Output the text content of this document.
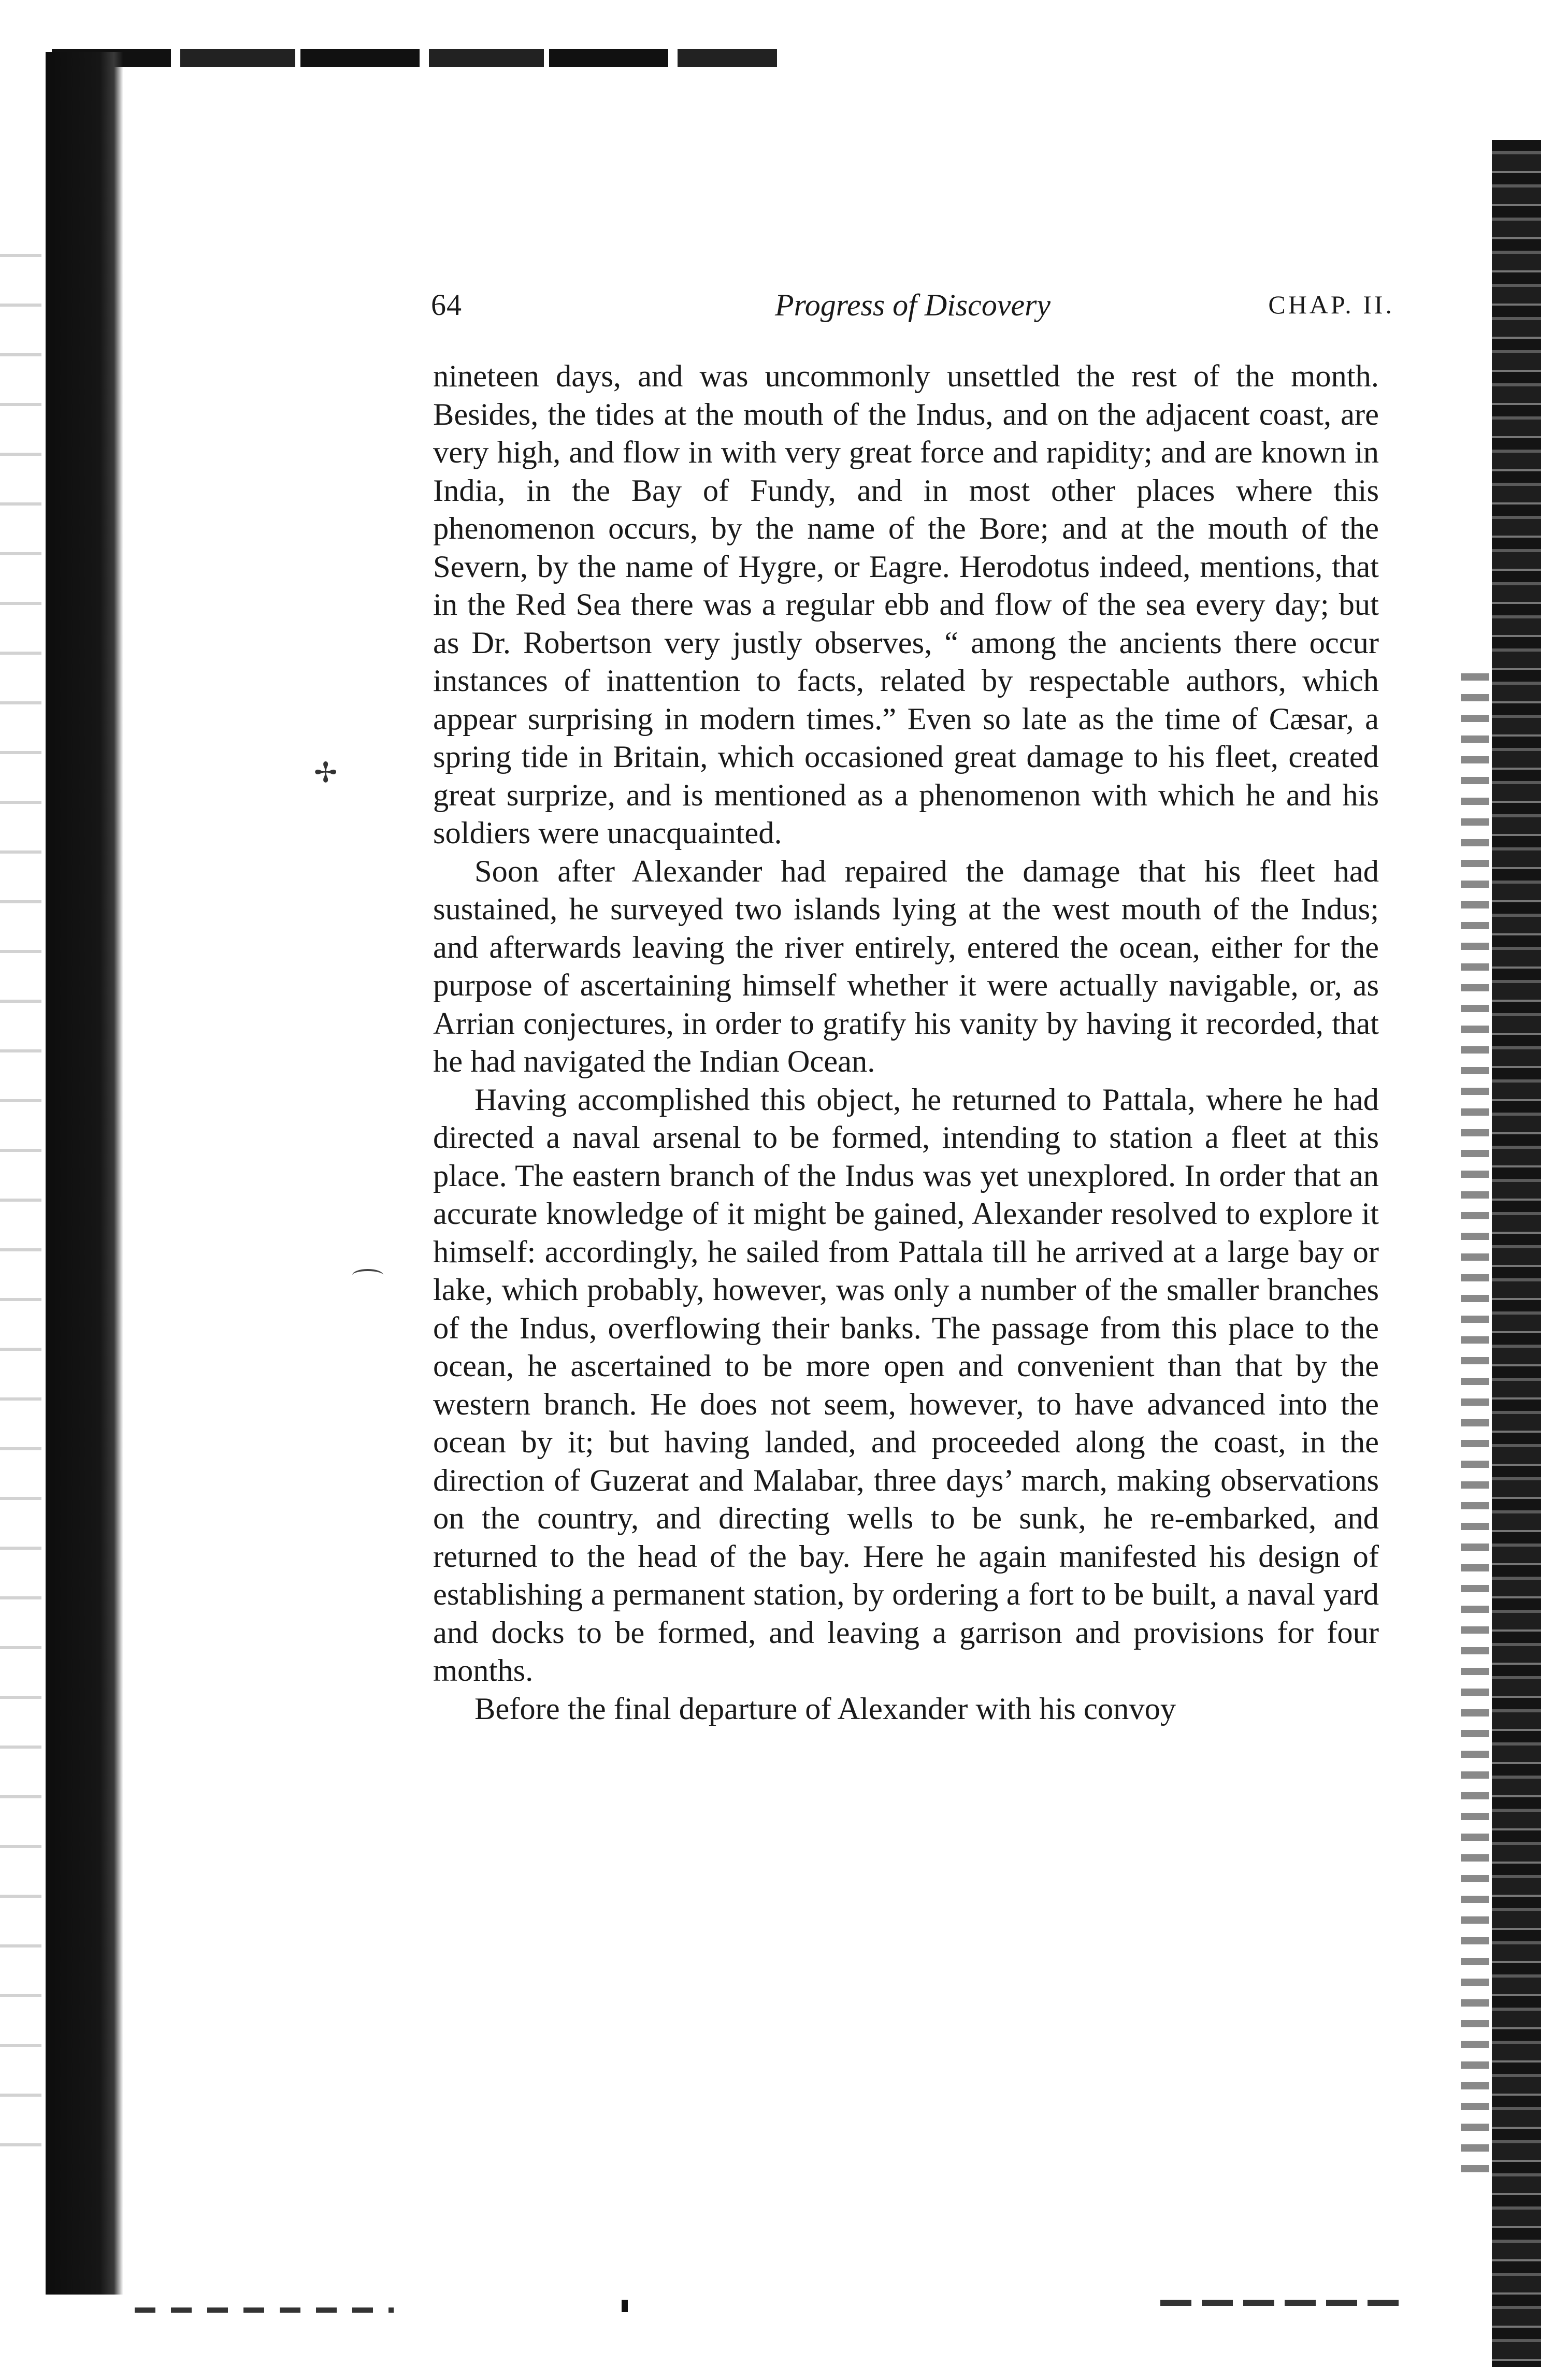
64	Progress of Discovery	CHAP. II.
✢

nineteen days, and was uncommonly unsettled the rest of the month. Besides, the tides at the mouth of the Indus, and on the adjacent coast, are very high, and flow in with very great force and rapidity; and are known in India, in the Bay of Fundy, and in most other places where this phenomenon occurs, by the name of the Bore; and at the mouth of the Severn, by the name of Hygre, or Eagre. Herodotus indeed, mentions, that in the Red Sea there was a regular ebb and flow of the sea every day; but as Dr. Robertson very justly observes, “ among the ancients there occur instances of inattention to facts, related by respectable authors, which appear surprising in modern times.” Even so late as the time of Cæsar, a spring tide in Britain, which occasioned great damage to his fleet, created great surprize, and is mentioned as a phenomenon with which he and his soldiers were unacquainted.

Soon after Alexander had repaired the damage that his fleet had sustained, he surveyed two islands lying at the west mouth of the Indus; and afterwards leaving the river entirely, entered the ocean, either for the purpose of ascertaining himself whether it were actually navigable, or, as Arrian conjectures, in order to gratify his vanity by having it recorded, that he had navigated the Indian Ocean.

Having accomplished this object, he returned to Pattala, where he had directed a naval arsenal to be formed, intending to station a fleet at this place. The eastern branch of the Indus was yet unexplored. In order that an accurate knowledge of it might be gained, Alexander resolved to explore it himself: accordingly, he sailed from Pattala till he arrived at a large bay or lake, which probably, however, was only a number of the smaller branches of the Indus, overflowing their banks. The passage from this place to the ocean, he ascertained to be more open and convenient than that by the western branch. He does not seem, however, to have advanced into the ocean by it; but having landed, and proceeded along the coast, in the direction of Guzerat and Malabar, three days’ march, making observations on the country, and directing wells to be sunk, he re-embarked, and returned to the head of the bay. Here he again manifested his design of establishing a permanent station, by ordering a fort to be built, a naval yard and docks to be formed, and leaving a garrison and provisions for four months.

Before the final departure of Alexander with his convoy
